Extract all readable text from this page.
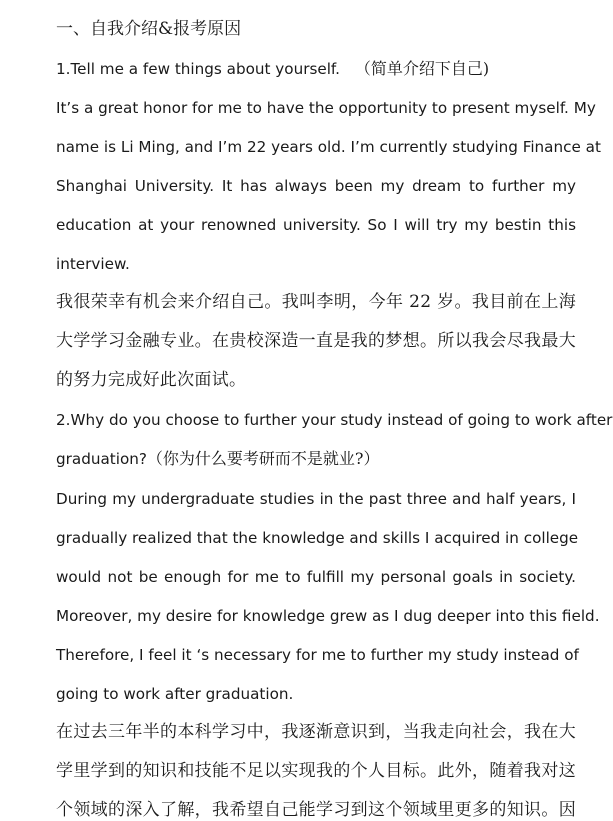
一、自我介绍&报考原因
1.Tell me a few things about yourself. （简单介绍下自己)
It’s a great honor for me to have the opportunity to present myself. My
name is Li Ming, and I’m 22 years old. I’m currently studying Finance at
Shanghai University. It has always been my dream to further my
education at your renowned university. So I will try my bestin this
interview.
我很荣幸有机会来介绍自己。我叫李明，今年 22 岁。我目前在上海
大学学习金融专业。在贵校深造一直是我的梦想。所以我会尽我最大
的努力完成好此次面试。
2.Why do you choose to further your study instead of going to work after
graduation?（你为什么要考研而不是就业?）
During my undergraduate studies in the past three and half years, I
gradually realized that the knowledge and skills I acquired in college
would not be enough for me to fulfill my personal goals in society.
Moreover, my desire for knowledge grew as I dug deeper into this field.
Therefore, I feel it ‘s necessary for me to further my study instead of
going to work after graduation.
在过去三年半的本科学习中，我逐渐意识到，当我走向社会，我在大
学里学到的知识和技能不足以实现我的个人目标。此外，随着我对这
个领域的深入了解，我希望自己能学习到这个领域里更多的知识。因
